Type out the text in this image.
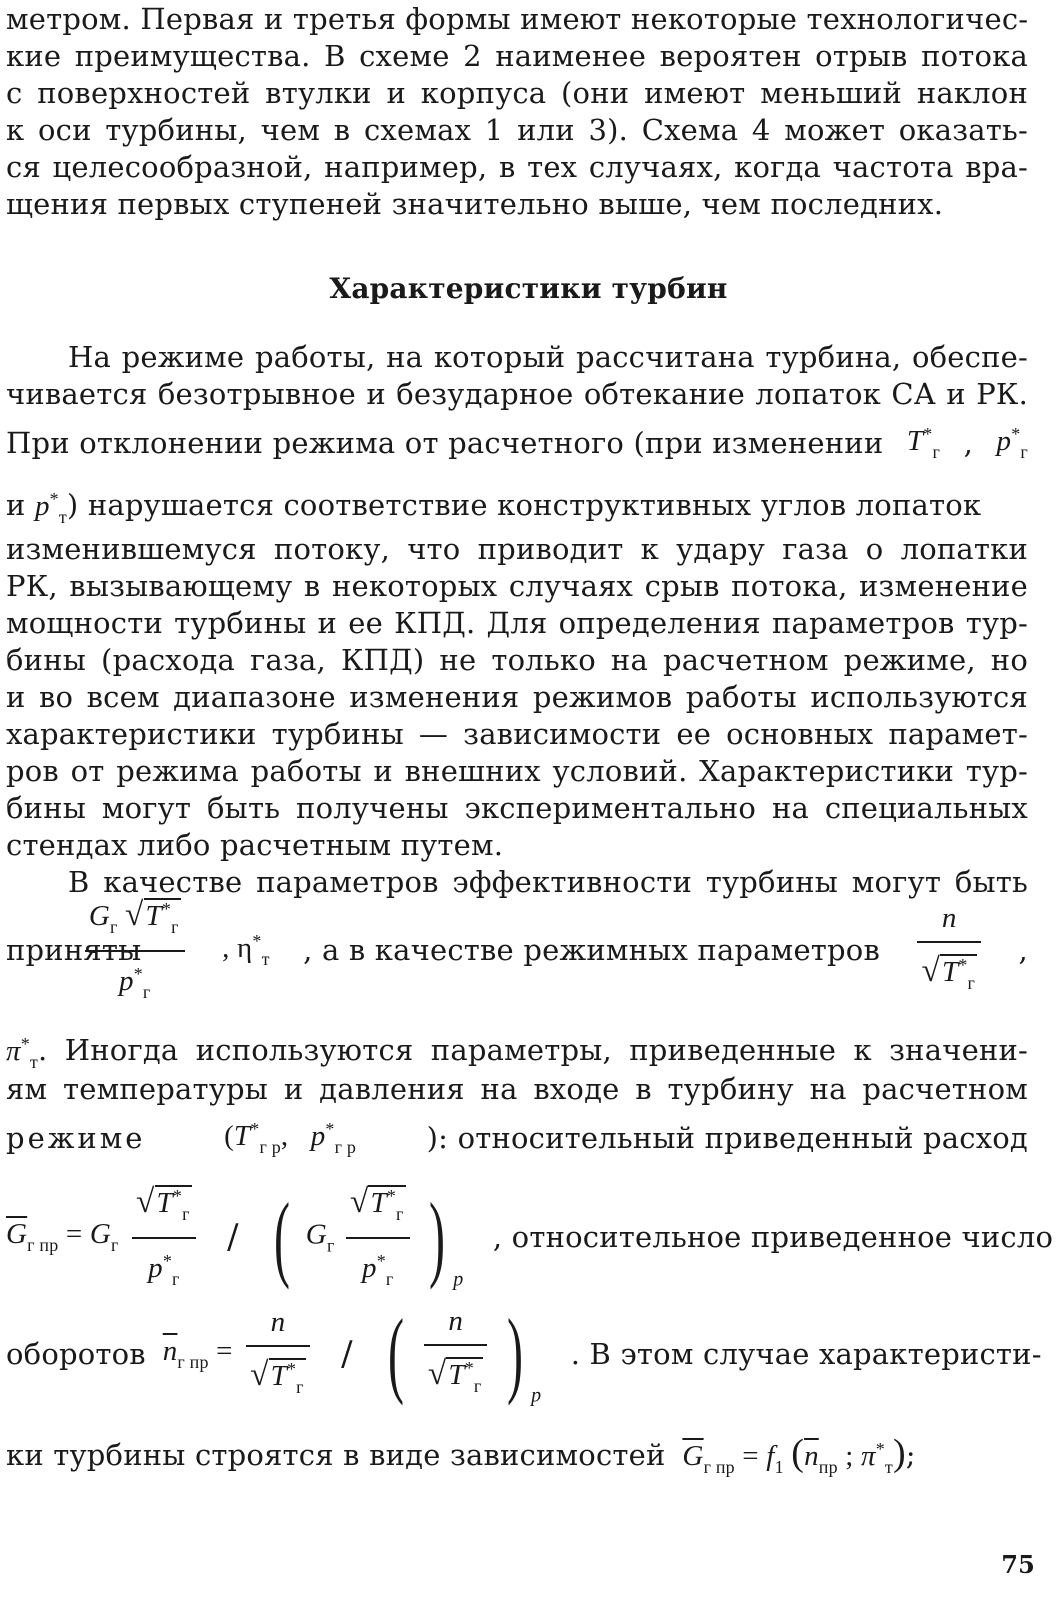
метром. Первая и третья формы имеют некоторые технологичес-
кие преимущества. В схеме 2 наименее вероятен отрыв потока
с поверхностей втулки и корпуса (они имеют меньший наклон
к оси турбины, чем в схемах 1 или 3). Схема 4 может оказать-
ся целесообразной, например, в тех случаях, когда частота вра-
щения первых ступеней значительно выше, чем последних.
Характеристики турбин
На режиме работы, на который рассчитана турбина, обеспе-
чивается безотрывное и безударное обтекание лопаток СА и РК.
При отклонении режима от расчетного (при изменении $T^*_г$ , $p^*_г$
и $p^*_т$) нарушается соответствие конструктивных углов лопаток
изменившемуся потоку, что приводит к удару газа о лопатки
РК, вызывающему в некоторых случаях срыв потока, изменение
мощности турбины и ее КПД. Для определения параметров тур-
бины (расхода газа, КПД) не только на расчетном режиме, но
и во всем диапазоне изменения режимов работы используются
характеристики турбины — зависимости ее основных парамет-
ров от режима работы и внешних условий. Характеристики тур-
бины могут быть получены экспериментально на специальных
стендах либо расчетным путем.
В качестве параметров эффективности турбины могут быть
приняты
$\frac{G_г √T^*_г}{p^*_г}$ , $\eta^*_т$ , а в качестве режимных параметров $\frac{n}{√T^*_г}$ ,
$\pi^*_т$. Иногда используются параметры, приведенные к значени-
ям температуры и давления на входе в турбину на расчетном
режиме	($T^*_{г р}$, $p^*_{г р}$ ): относительный приведенный расход
$\overline{G}_{г пр} = G_г \frac{√T^*_г}{p^*_г}$ / ( $G_г \frac{√T^*_г}{p^*_г}$ ) $_p$ , относительное приведенное число
оборотов $\overline{n}_{г пр} = \frac{n}{√T^*_г}$ / ( $\frac{n}{√T^*_г}$ ) $_p$ . В этом случае характеристи-
ки турбины строятся в виде зависимостей $\overline{G}_{г пр} = f_1$ ($\overline{n}_{пр}$ ; $\pi^*_т$);
75
